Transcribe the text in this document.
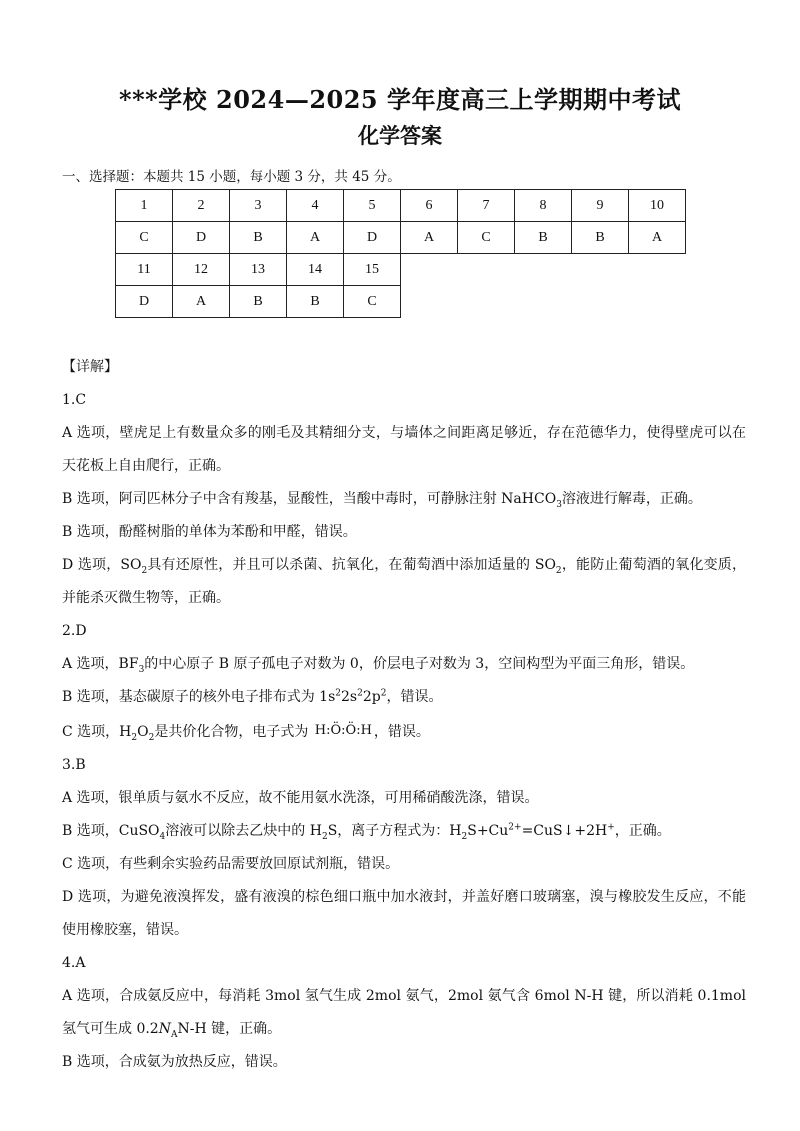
***学校 2024—2025 学年度高三上学期期中考试
化学答案
一、选择题：本题共 15 小题，每小题 3 分，共 45 分。
1	2	3	4	5	6	7	8	9	10
C	D	B	A	D	A	C	B	B	A
11	12	13	14	15					
D	A	B	B	C					

【详解】

1.C

A 选项，壁虎足上有数量众多的刚毛及其精细分支，与墙体之间距离足够近，存在范德华力，使得壁虎可以在天花板上自由爬行，正确。

B 选项，阿司匹林分子中含有羧基，显酸性，当酸中毒时，可静脉注射 NaHCO$_3$溶液进行解毒，正确。

B 选项，酚醛树脂的单体为苯酚和甲醛，错误。

D 选项，$SO_2$具有还原性，并且可以杀菌、抗氧化，在葡萄酒中添加适量的 $SO_2$，能防止葡萄酒的氧化变质，并能杀灭微生物等，正确。

2.D

A 选项，$BF_3$的中心原子 B 原子孤电子对数为 0，价层电子对数为 3，空间构型为平面三角形，错误。

B 选项，基态碳原子的核外电子排布式为 $1s^22s^22p^2$，错误。

C 选项，$H_2O_2$是共价化合物，电子式为 H:Ö:Ö:H ，错误。

3.B

A 选项，银单质与氨水不反应，故不能用氨水洗涤，可用稀硝酸洗涤，错误。

B 选项，CuSO$_4$溶液可以除去乙炔中的 $H_2S$，离子方程式为：$H_2S+Cu^{2+}=CuS↓+2H^+$，正确。

C 选项，有些剩余实验药品需要放回原试剂瓶，错误。

D 选项，为避免液溴挥发，盛有液溴的棕色细口瓶中加水液封，并盖好磨口玻璃塞，溴与橡胶发生反应，不能使用橡胶塞，错误。

4.A

A 选项，合成氨反应中，每消耗 3mol 氢气生成 2mol 氨气，2mol 氨气含 6mol N-H 键，所以消耗 0.1mol 氢气可生成 $0.2N_AN-H$ 键，正确。

B 选项，合成氨为放热反应，错误。
